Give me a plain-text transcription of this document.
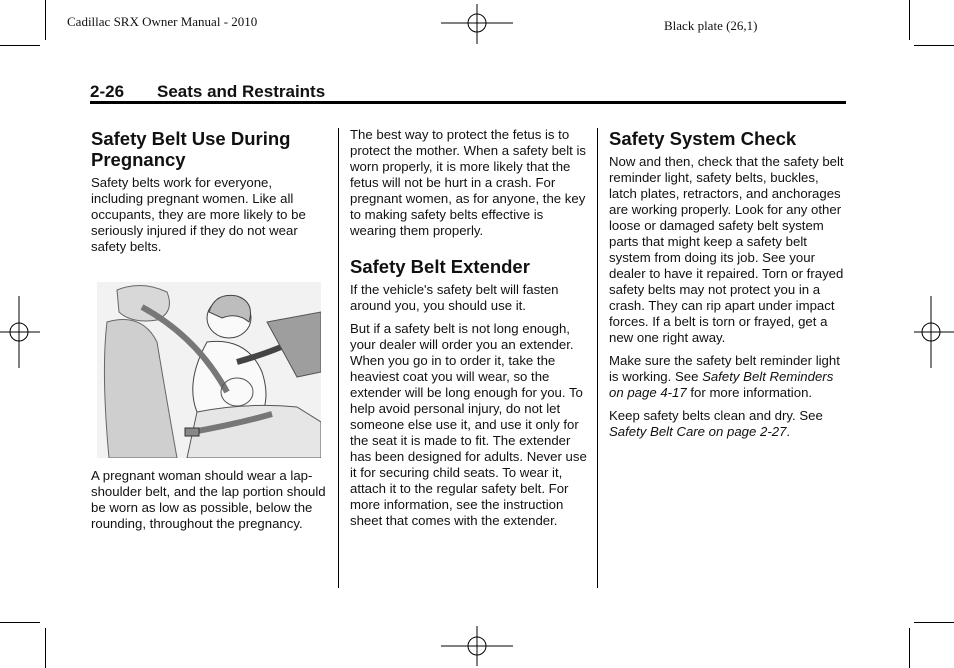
Cadillac SRX Owner Manual - 2010	Black plate (26,1)
2-26 Seats and Restraints
Safety Belt Use During Pregnancy

Safety belts work for everyone, including pregnant women. Like all occupants, they are more likely to be seriously injured if they do not wear safety belts.

A pregnant woman should wear a lap-shoulder belt, and the lap portion should be worn as low as possible, below the rounding, throughout the pregnancy.

The best way to protect the fetus is to protect the mother. When a safety belt is worn properly, it is more likely that the fetus will not be hurt in a crash. For pregnant women, as for anyone, the key to making safety belts effective is wearing them properly.

Safety Belt Extender

If the vehicle's safety belt will fasten around you, you should use it.

But if a safety belt is not long enough, your dealer will order you an extender. When you go in to order it, take the heaviest coat you will wear, so the extender will be long enough for you. To help avoid personal injury, do not let someone else use it, and use it only for the seat it is made to fit. The extender has been designed for adults. Never use it for securing child seats. To wear it, attach it to the regular safety belt. For more information, see the instruction sheet that comes with the extender.

Safety System Check

Now and then, check that the safety belt reminder light, safety belts, buckles, latch plates, retractors, and anchorages are working properly. Look for any other loose or damaged safety belt system parts that might keep a safety belt system from doing its job. See your dealer to have it repaired. Torn or frayed safety belts may not protect you in a crash. They can rip apart under impact forces. If a belt is torn or frayed, get a new one right away.

Make sure the safety belt reminder light is working. See Safety Belt Reminders on page 4-17 for more information.

Keep safety belts clean and dry. See Safety Belt Care on page 2-27.
